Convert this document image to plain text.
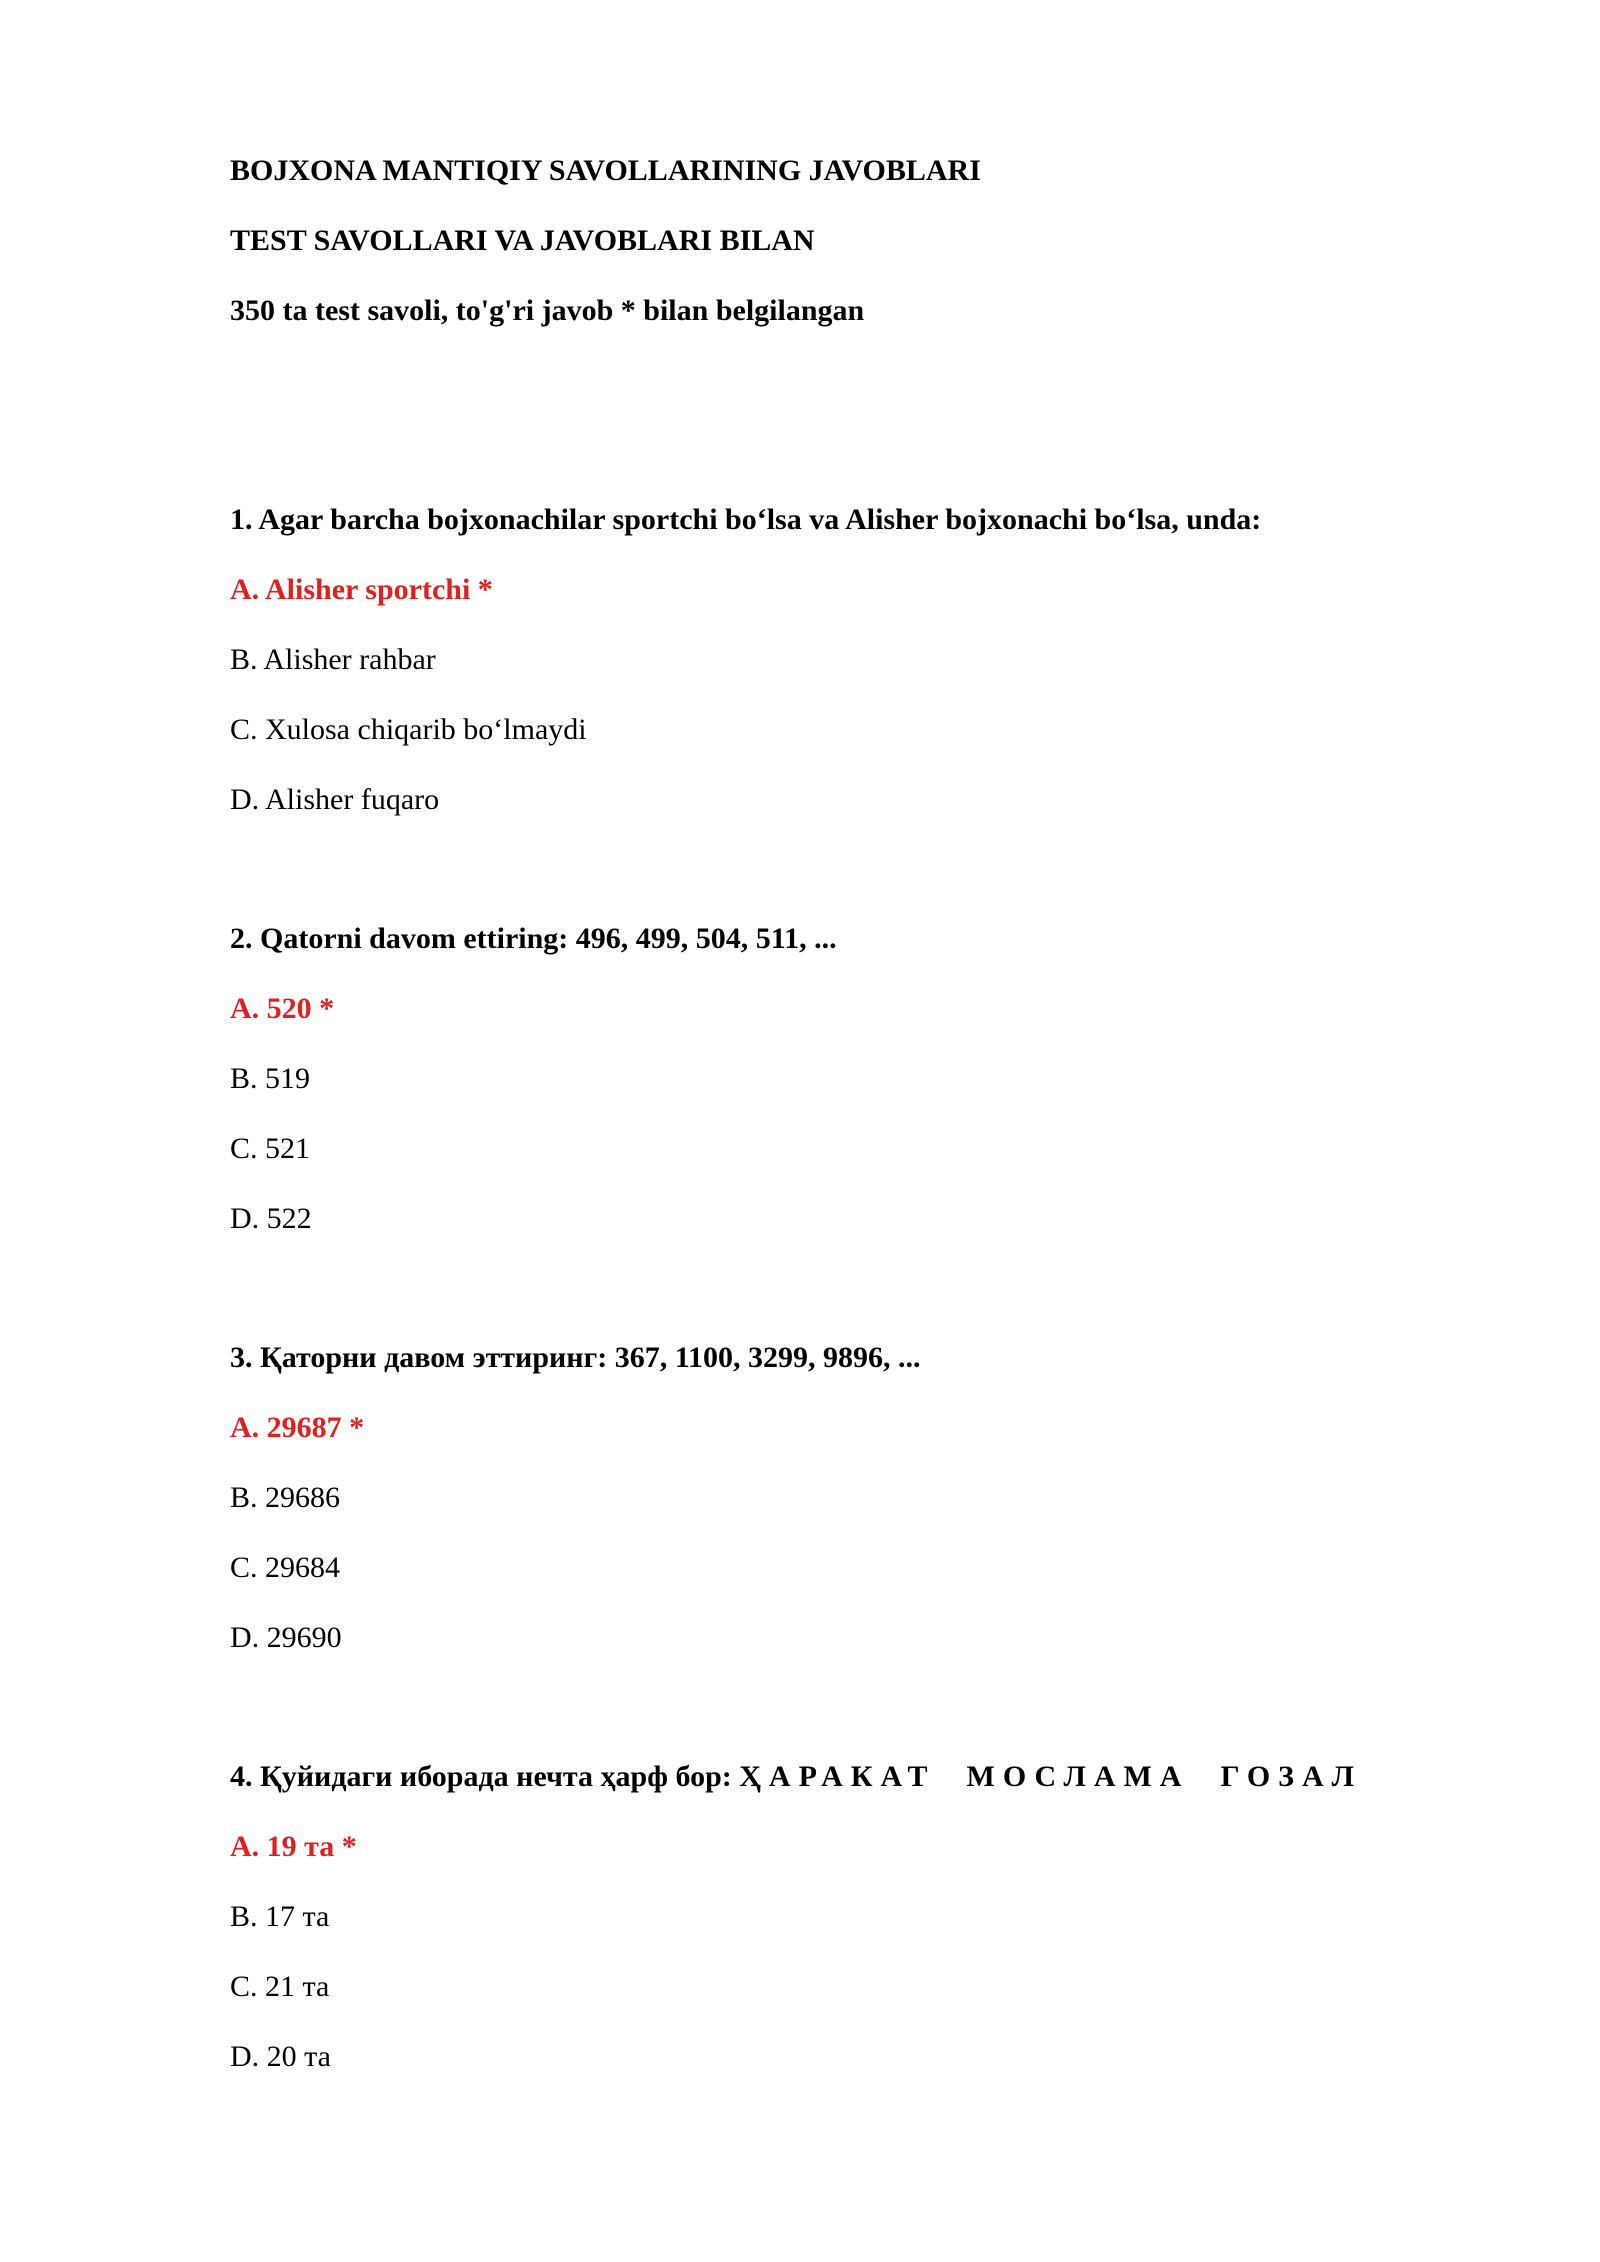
BOJXONA MANTIQIY SAVOLLARINING JAVOBLARI
TEST SAVOLLARI VA JAVOBLARI BILAN
350 ta test savoli, to'g'ri javob * bilan belgilangan
1. Agar barcha bojxonachilar sportchi bo‘lsa va Alisher bojxonachi bo‘lsa, unda:
A. Alisher sportchi *
B. Alisher rahbar
C. Xulosa chiqarib bo‘lmaydi
D. Alisher fuqaro
2. Qatorni davom ettiring: 496, 499, 504, 511, ...
A. 520 *
B. 519
C. 521
D. 522
3. Қаторни давом эттиринг: 367, 1100, 3299, 9896, ...
A. 29687 *
B. 29686
C. 29684
D. 29690
4. Қуйидаги иборада нечта ҳарф бор: ҲАРАКАТ  МОСЛАМА  ГОЗАЛ
A. 19 та *
B. 17 та
C. 21 та
D. 20 та
